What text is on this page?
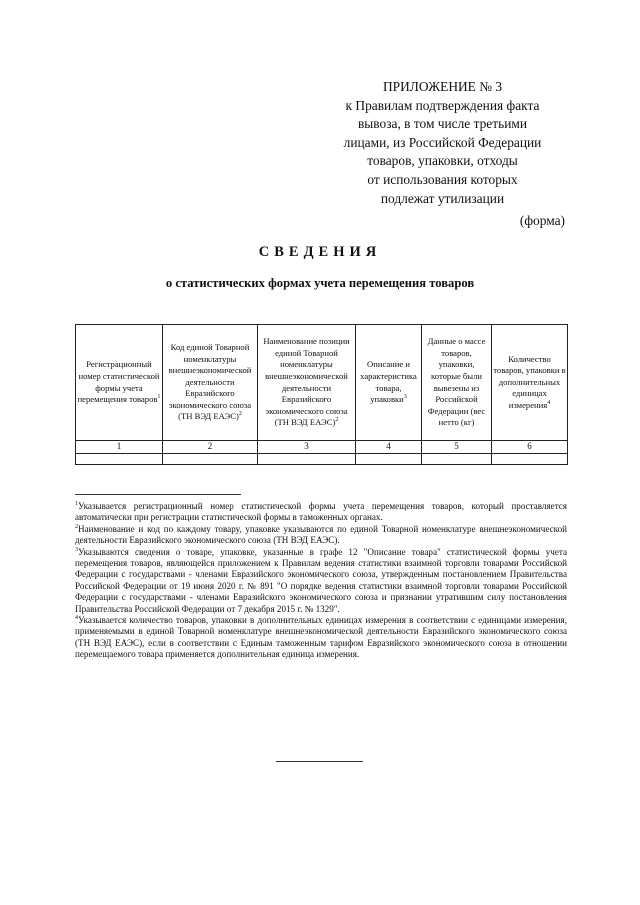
ПРИЛОЖЕНИЕ № 3
к Правилам подтверждения факта
вывоза, в том числе третьими
лицами, из Российской Федерации
товаров, упаковки, отходы
от использования которых
подлежат утилизации
(форма)
СВЕДЕНИЯ
о статистических формах учета перемещения товаров
Регистрационный номер статистической формы учета перемещения товаров$^1$	Код единой Товарной номенклатуры внешнеэкономической деятельности Евразийского экономического союза (ТН ВЭД ЕАЭС)$^2$	Наименование позиции единой Товарной номенклатуры внешнеэкономической деятельности Евразийского экономического союза (ТН ВЭД ЕАЭС)$^2$	Описание и характеристика товара, упаковки$^3$	Данные о массе товаров, упаковки, которые были вывезены из Российской Федерации (вес нетто (кг)	Количество товаров, упаковки в дополнительных единицах измерения$^4$
1	2	3	4	5	6

$^1$Указывается регистрационный номер статистической формы учета перемещения товаров, который проставляется автоматически при регистрации статистической формы в таможенных органах.

$^2$Наименование и код по каждому товару, упаковке указываются по единой Товарной номенклатуре внешнеэкономической деятельности Евразийского экономического союза (ТН ВЭД ЕАЭС).

$^3$Указываются сведения о товаре, упаковке, указанные в графе 12 "Описание товара" статистической формы учета перемещения товаров, являющейся приложением к Правилам ведения статистики взаимной торговли товарами Российской Федерации с государствами - членами Евразийского экономического союза, утвержденным постановлением Правительства Российской Федерации от 19 июня 2020 г. № 891 "О порядке ведения статистики взаимной торговли товарами Российской Федерации с государствами - членами Евразийского экономического союза и признании утратившим силу постановления Правительства Российской Федерации от 7 декабря 2015 г. № 1329".

$^4$Указывается количество товаров, упаковки в дополнительных единицах измерения в соответствии с единицами измерения, применяемыми в единой Товарной номенклатуре внешнеэкономической деятельности Евразийского экономического союза (ТН ВЭД ЕАЭС), если в соответствии с Единым таможенным тарифом Евразийского экономического союза в отношении перемещаемого товара применяется дополнительная единица измерения.
